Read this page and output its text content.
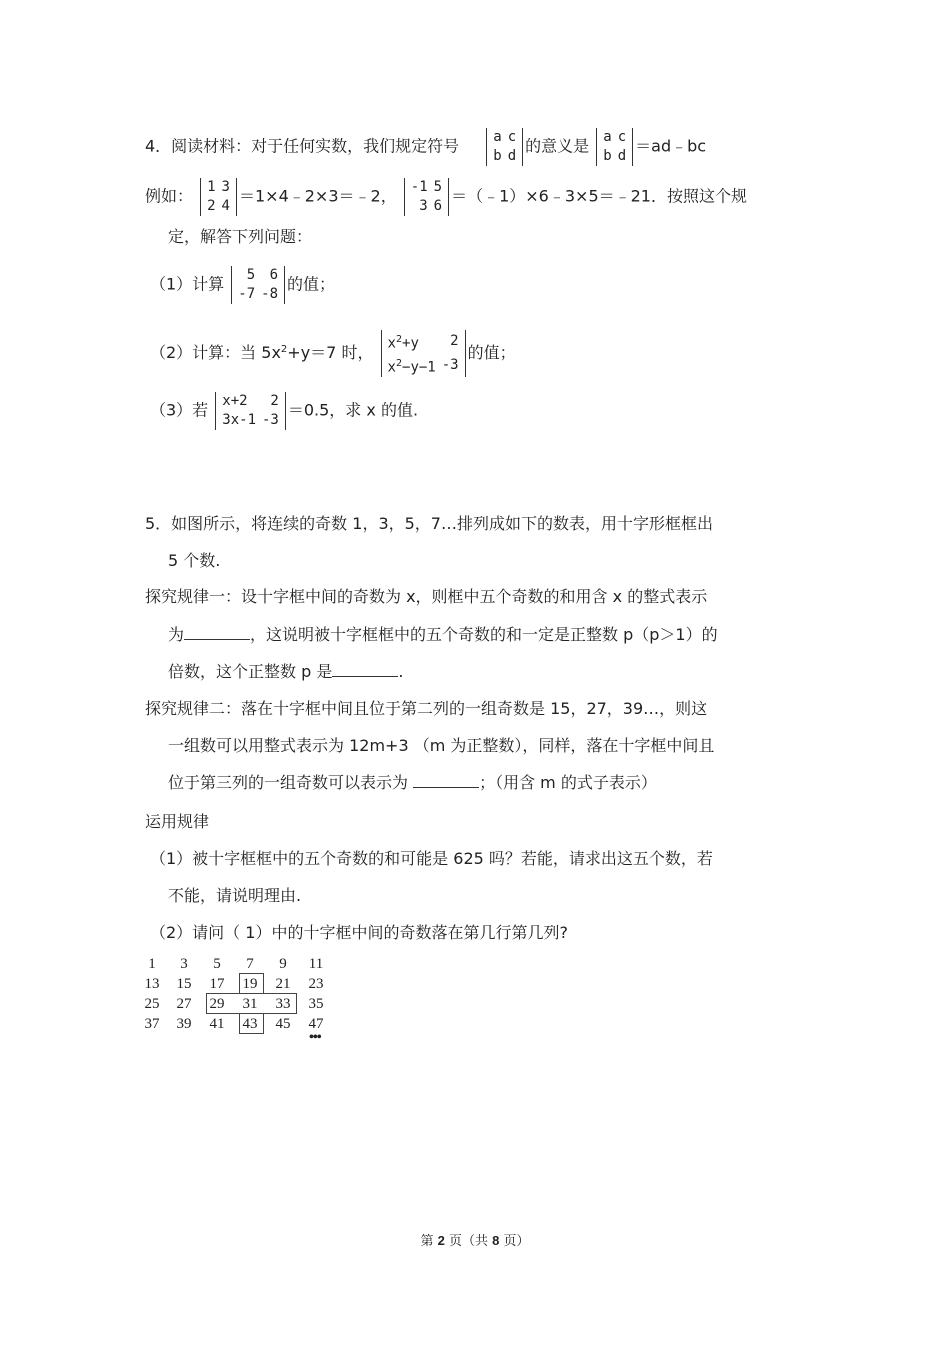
4．阅读材料：对于任何实数，我们规定符号 a	c
b	d
的意义是 a	c
b	d
＝ad﹣bc
例如： 1	3
2	4
＝1×4﹣2×3＝﹣2， -1	5
3	6
＝（﹣1）×6﹣3×5＝﹣21．按照这个规
定，解答下列问题：
（1）计算 5	6
-7	-8
的值；
（2）计算：当 $5x^2+y=7$ 时， $x^2+y$	2
$x^2-y-1$	-3
的值；
（3）若 x+2	2
3x-1	-3
＝0.5，求 x 的值.
5．如图所示，将连续的奇数 1，3，5，7…排列成如下的数表，用十字形框框出
5 个数.
探究规律一：设十字框中间的奇数为 x，则框中五个奇数的和用含 x 的整式表示
为	，这说明被十字框框中的五个奇数的和一定是正整数 p（p＞1）的
倍数，这个正整数 p 是	.
探究规律二：落在十字框中间且位于第二列的一组奇数是 15，27，39…，则这
一组数可以用整式表示为 12m+3 （m 为正整数），同样，落在十字框中间且
位于第三列的一组奇数可以表示为	；（用含 m 的式子表示）
运用规律
（1）被十字框框中的五个奇数的和可能是 625 吗？若能，请求出这五个数，若
不能，请说明理由.
（2）请问（ 1）中的十字框中间的奇数落在第几行第几列?
1	3	5	7	9	11
13	15	17	19	21	23
25	27	29	31	33	35
37	39	41	43	45	47
•••
第 2 页（共 8 页）
